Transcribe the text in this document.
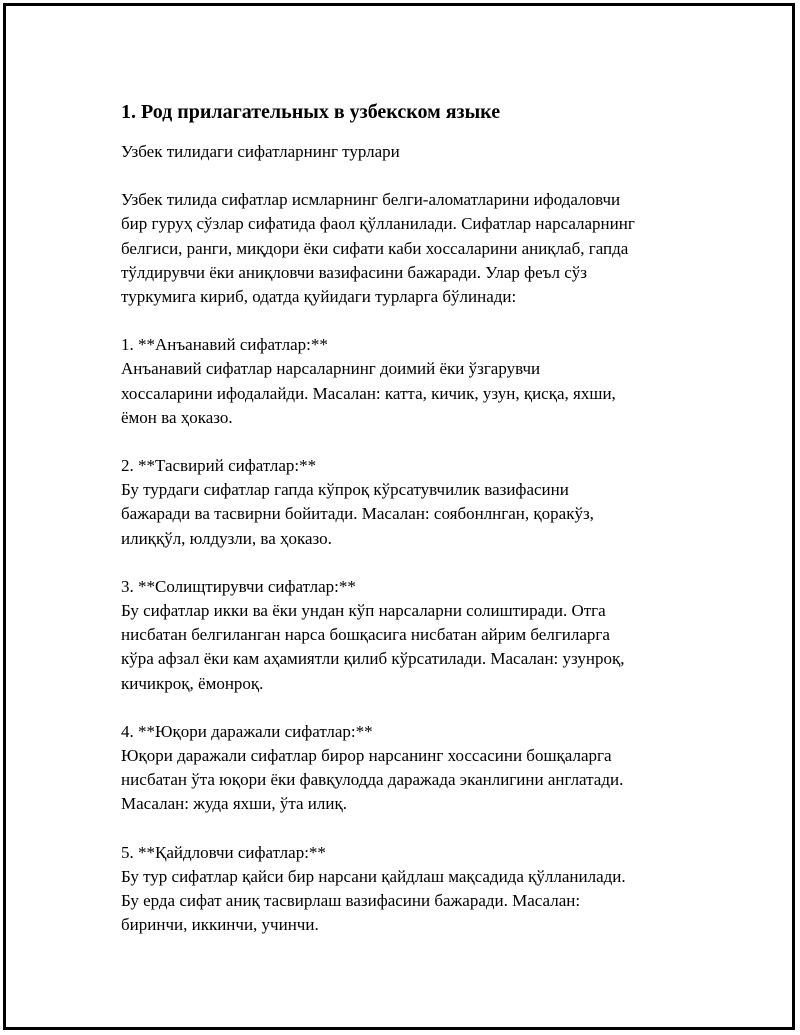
1. Род прилагательных в узбекском языке
Узбек тилидаги сифатларнинг турлари
Узбек тилида сифатлар исмларнинг белги-аломатларини ифодаловчи
бир гуруҳ сўзлар сифатида фаол қўлланилади. Сифатлар нарсаларнинг
белгиси, ранги, миқдори ёки сифати каби хоссаларини аниқлаб, гапда
тўлдирувчи ёки аниқловчи вазифасини бажаради. Улар феъл сўз
туркумига кириб, одатда қуйидаги турларга бўлинади:
1. **Анъанавий сифатлар:**
Анъанавий сифатлар нарсаларнинг доимий ёки ўзгарувчи
хоссаларини ифодалайди. Масалан: катта, кичик, узун, қисқа, яхши,
ёмон ва ҳоказо.
2. **Тасвирий сифатлар:**
Бу турдаги сифатлар гапда кўпроқ кўрсатувчилик вазифасини
бажаради ва тасвирни бойитади. Масалан: соябонлнган, қоракўз,
илиққўл, юлдузли, ва ҳоказо.
3. **Солищтирувчи сифатлар:**
Бу сифатлар икки ва ёки ундан кўп нарсаларни солиштиради. Отга
нисбатан белгиланган нарса бошқасига нисбатан айрим белгиларга
кўра афзал ёки кам аҳамиятли қилиб кўрсатилади. Масалан: узунроқ,
кичикроқ, ёмонроқ.
4. **Юқори даражали сифатлар:**
Юқори даражали сифатлар бирор нарсанинг хоссасини бошқаларга
нисбатан ўта юқори ёки фавқулодда даражада эканлигини англатади.
Масалан: жуда яхши, ўта илиқ.
5. **Қайдловчи сифатлар:**
Бу тур сифатлар қайси бир нарсани қайдлаш мақсадида қўлланилади.
Бу ерда сифат аниқ тасвирлаш вазифасини бажаради. Масалан:
биринчи, иккинчи, учинчи.
